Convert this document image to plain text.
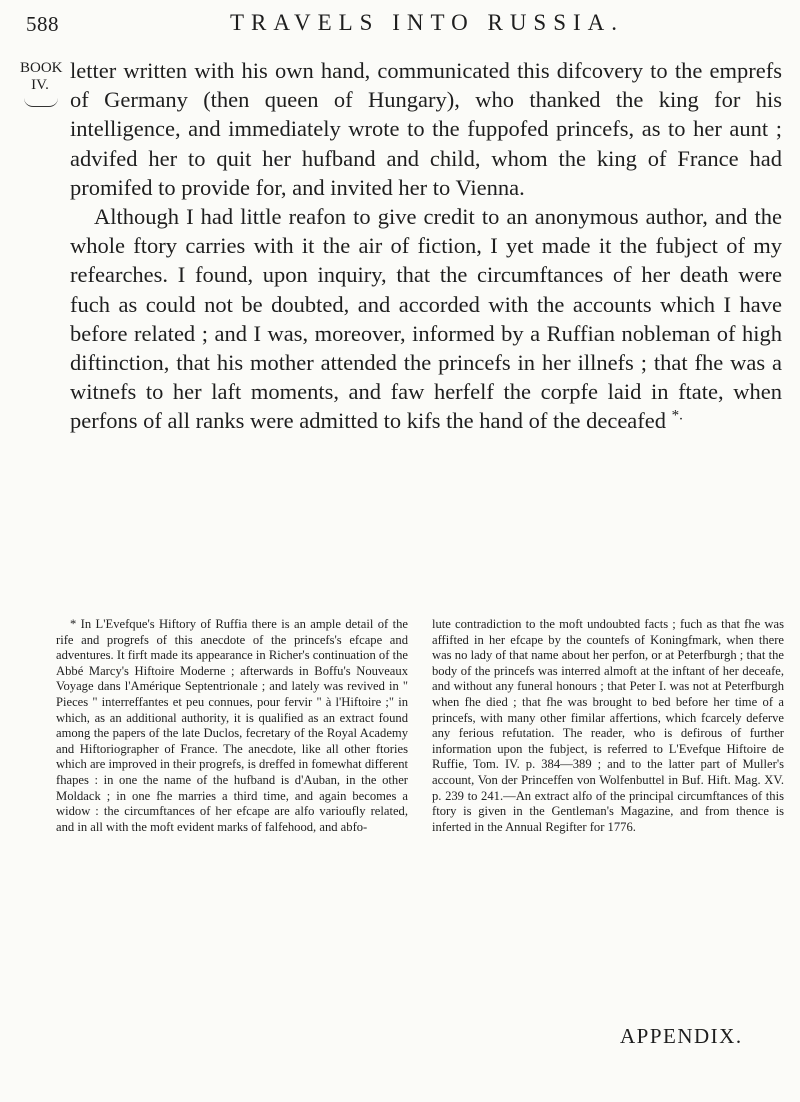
588	TRAVELS INTO RUSSIA.
BOOK
IV.

letter written with his own hand, communicated this difcovery to the emprefs of Germany (then queen of Hungary), who thanked the king for his intelligence, and immediately wrote to the fuppofed princefs, as to her aunt ; advifed her to quit her hufband and child, whom the king of France had promifed to provide for, and invited her to Vienna.

Although I had little reafon to give credit to an anonymous author, and the whole ftory carries with it the air of fiction, I yet made it the fubject of my refearches. I found, upon inquiry, that the circumftances of her death were fuch as could not be doubted, and accorded with the accounts which I have before related ; and I was, moreover, informed by a Ruffian nobleman of high diftinction, that his mother attended the princefs in her illnefs ; that fhe was a witnefs to her laft moments, and faw herfelf the corpfe laid in ftate, when perfons of all ranks were admitted to kifs the hand of the deceafed *.

* In L'Evefque's Hiftory of Ruffia there is an ample detail of the rife and progrefs of this anecdote of the princefs's efcape and adventures. It firft made its appearance in Richer's continuation of the Abbé Marcy's Hiftoire Moderne ; afterwards in Boffu's Nouveaux Voyage dans l'Amérique Septentrionale ; and lately was revived in " Pieces " interreffantes et peu connues, pour fervir " à l'Hiftoire ;" in which, as an additional authority, it is qualified as an extract found among the papers of the late Duclos, fecretary of the Royal Academy and Hiftoriographer of France. The anecdote, like all other ftories which are improved in their progrefs, is dreffed in fomewhat different fhapes : in one the name of the hufband is d'Auban, in the other Moldack ; in one fhe marries a third time, and again becomes a widow : the circumftances of her efcape are alfo varioufly related, and in all with the moft evident marks of falfehood, and abfo-

lute contradiction to the moft undoubted facts ; fuch as that fhe was affifted in her efcape by the countefs of Koningfmark, when there was no lady of that name about her perfon, or at Peterfburgh ; that the body of the princefs was interred almoft at the inftant of her deceafe, and without any funeral honours ; that Peter I. was not at Peterfburgh when fhe died ; that fhe was brought to bed before her time of a princefs, with many other fimilar affertions, which fcarcely deferve any ferious refutation. The reader, who is defirous of further information upon the fubject, is referred to L'Evefque Hiftoire de Ruffie, Tom. IV. p. 384—389 ; and to the latter part of Muller's account, Von der Princeffen von Wolfenbuttel in Buf. Hift. Mag. XV. p. 239 to 241.—An extract alfo of the principal circumftances of this ftory is given in the Gentleman's Magazine, and from thence is inferted in the Annual Regifter for 1776.

APPENDIX.
